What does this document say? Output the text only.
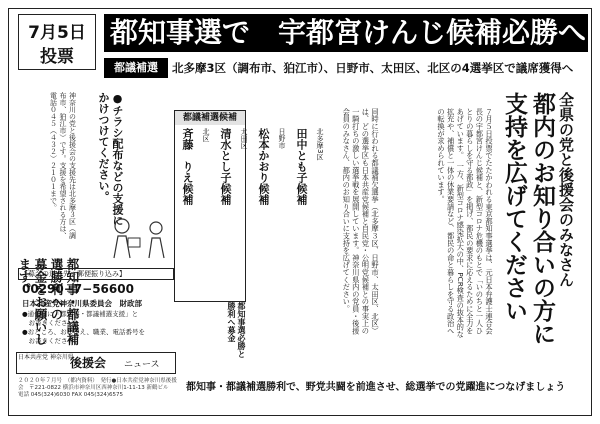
7月5日
投票
都知事選で　宇都宮けんじ候補必勝へ
都議補選	北多摩3区（調布市、狛江市）、日野市、太田区、北区の4選挙区で議席獲得へ
全県の党と後援会のみなさん
都内のお知り合いの方に
支持を広げてください
７月５日投票でたたかわれる東京都知事選挙は、元日本弁護士連合会長の宇都宮けんじ候補と、新型コロナ危機のもとで「いのちと一人ひとりの暮らしを守る都政」を掲げ、都民の要求に応えるために全力をあげています。　一方、新型コロナ感染拡大の中、PCR検査の抜本的な拡充や、補償と一体の休業要請など、都民の命と暮らしを守る政治への転換が求められています。
同時に行われる都議補欠選挙（北多摩３区、日野市、太田区、北区）は、どの選挙区も日本共産党候補と自民党・公明党候補との事実上の一騎打ちの激しい選挙戦を展開しています。神奈川県内の党員・後援会員のみなさん、都内のお知り合いに支持を広げてください。
都議補選候補
北多摩3区
田中とも子候補
日野市
松本かおり候補
太田区
清水とし子候補
北区
斉藤　りえ候補
都知事選必勝と
勝利へ募金
●チラシ配布などの支援に
かけつけてください。
神奈川の党と後援会の支援先は北多摩３区（調布市、狛江市）です。支援を希望される方は、電話０４５（４３２）２１０１まで。
都知事・都議補選勝利への
募金をお願いします。
【募金の送り先＝郵便振り込み】
00290−7−56600
日本共産党神奈川県委員会　財政部
●通信欄に「都知事・都議補選支援」と
　お書きください。
●おところ、おなまえ、職業、電話番号を
　お書きください。
日本共産党 神奈川県
後援会 ニュース
２０２０年７月号　（都内資料）　発行●日本共産党神奈川県後援会　〒221-0822 横浜市神奈川区西神奈川1-11-13 新鶴ビル　電話 045(324)6030 FAX 045(324)6575
都知事・都議補選勝利で、野党共闘を前進させ、総選挙での党躍進につなげましょう
